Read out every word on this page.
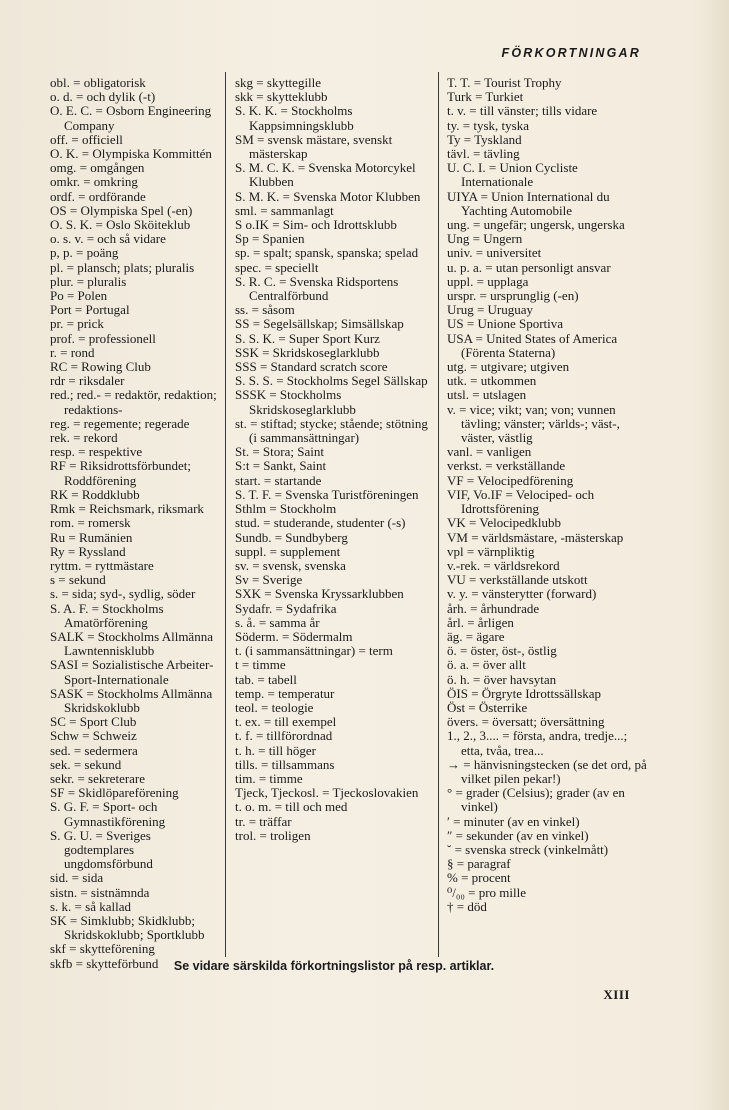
FÖRKORTNINGAR

obl. = obligatorisk

o. d. = och dylik (-t)

O. E. C. = Osborn Engineering Company

off. = officiell

O. K. = Olympiska Kommittén

omg. = omgången

omkr. = omkring

ordf. = ordförande

OS = Olympiska Spel (-en)

O. S. K. = Oslo Sköiteklub

o. s. v. = och så vidare

p, p. = poäng

pl. = plansch; plats; pluralis

plur. = pluralis

Po = Polen

Port = Portugal

pr. = prick

prof. = professionell

r. = rond

RC = Rowing Club

rdr = riksdaler

red.; red.- = redaktör, redaktion; redaktions-

reg. = regemente; regerade

rek. = rekord

resp. = respektive

RF = Riksidrottsförbundet; Roddförening

RK = Roddklubb

Rmk = Reichsmark, riksmark

rom. = romersk

Ru = Rumänien

Ry = Ryssland

ryttm. = ryttmästare

s = sekund

s. = sida; syd-, sydlig, söder

S. A. F. = Stockholms Amatörförening

SALK = Stockholms Allmänna Lawntennisklubb

SASI = Sozialistische Arbeiter-Sport-Internationale

SASK = Stockholms Allmänna Skridskoklubb

SC = Sport Club

Schw = Schweiz

sed. = sedermera

sek. = sekund

sekr. = sekreterare

SF = Skidlöpareförening

S. G. F. = Sport- och Gymnastikförening

S. G. U. = Sveriges godtemplares ungdomsförbund

sid. = sida

sistn. = sistnämnda

s. k. = så kallad

SK = Simklubb; Skidklubb; Skridskoklubb; Sportklubb

skf = skytteförening

skfb = skytteförbund

skg = skyttegille

skk = skytteklubb

S. K. K. = Stockholms Kappsimningsklubb

SM = svensk mästare, svenskt mästerskap

S. M. C. K. = Svenska Motorcykel Klubben

S. M. K. = Svenska Motor Klubben

sml. = sammanlagt

S o.IK = Sim- och Idrottsklubb

Sp = Spanien

sp. = spalt; spansk, spanska; spelad

spec. = speciellt

S. R. C. = Svenska Ridsportens Centralförbund

ss. = såsom

SS = Segelsällskap; Simsällskap

S. S. K. = Super Sport Kurz

SSK = Skridskoseglarklubb

SSS = Standard scratch score

S. S. S. = Stockholms Segel Sällskap

SSSK = Stockholms Skridskoseglarklubb

st. = stiftad; stycke; stående; stötning (i sammansättningar)

St. = Stora; Saint

S:t = Sankt, Saint

start. = startande

S. T. F. = Svenska Turistföreningen

Sthlm = Stockholm

stud. = studerande, studenter (-s)

Sundb. = Sundbyberg

suppl. = supplement

sv. = svensk, svenska

Sv = Sverige

SXK = Svenska Kryssarklubben

Sydafr. = Sydafrika

s. å. = samma år

Söderm. = Södermalm

t. (i sammansättningar) = term

t = timme

tab. = tabell

temp. = temperatur

teol. = teologie

t. ex. = till exempel

t. f. = tillförordnad

t. h. = till höger

tills. = tillsammans

tim. = timme

Tjeck, Tjeckosl. = Tjeckoslovakien

t. o. m. = till och med

tr. = träffar

trol. = troligen

T. T. = Tourist Trophy

Turk = Turkiet

t. v. = till vänster; tills vidare

ty. = tysk, tyska

Ty = Tyskland

tävl. = tävling

U. C. I. = Union Cycliste Internationale

UIYA = Union International du Yachting Automobile

ung. = ungefär; ungersk, ungerska

Ung = Ungern

univ. = universitet

u. p. a. = utan personligt ansvar

uppl. = upplaga

urspr. = ursprunglig (-en)

Urug = Uruguay

US = Unione Sportiva

USA = United States of America (Förenta Staterna)

utg. = utgivare; utgiven

utk. = utkommen

utsl. = utslagen

v. = vice; vikt; van; von; vunnen tävling; vänster; världs-; väst-, väster, västlig

vanl. = vanligen

verkst. = verkställande

VF = Velocipedförening

VIF, Vo.IF = Velociped- och Idrottsförening

VK = Velocipedklubb

VM = världsmästare, -mästerskap

vpl = värnpliktig

v.-rek. = världsrekord

VU = verkställande utskott

v. y. = vänsterytter (forward)

årh. = århundrade

årl. = årligen

äg. = ägare

ö. = öster, öst-, östlig

ö. a. = över allt

ö. h. = över havsytan

ÖIS = Örgryte Idrottssällskap

Öst = Österrike

övers. = översatt; översättning

1., 2., 3.... = första, andra, tredje...; etta, tvåa, trea...

→ = hänvisningstecken (se det ord, på vilket pilen pekar!)

° = grader (Celsius); grader (av en vinkel)

′ = minuter (av en vinkel)

″ = sekunder (av en vinkel)

˘ = svenska streck (vinkelmått)

§ = paragraf

% = procent

⁰/₀₀ = pro mille

† = död

Se vidare särskilda förkortningslistor på resp. artiklar.
XIII
